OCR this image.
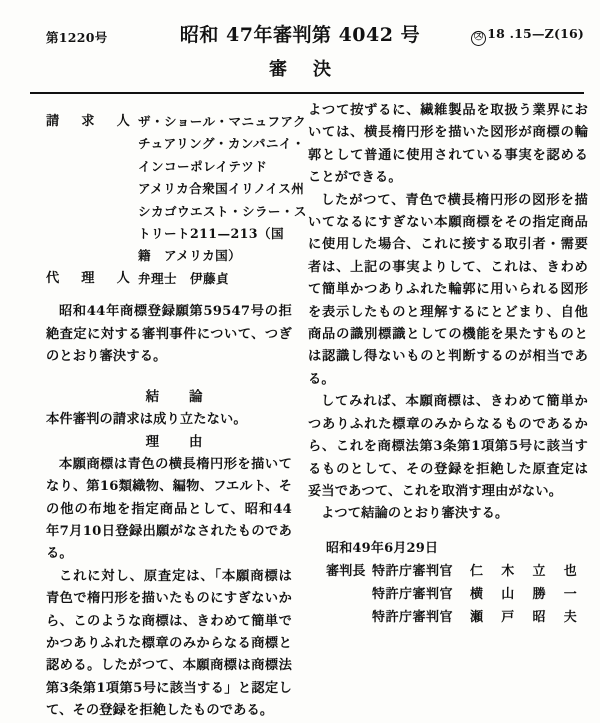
第1220号	昭和 47年審判第 4042 号	㋜ 18 .15—Z(16)
審決
請 求 人 ザ・ショール・マニュフアク
チュアリング・カンパニイ・
インコーポレイテツド
アメリカ合衆国イリノイス州
シカゴウエスト・シラー・ス
トリート211—213（国
籍　アメリカ国）
代 理 人 弁理士　伊藤貞

昭和44年商標登録願第59547号の拒絶査定に対する審判事件について、つぎのとおり審決する。

結論

本件審判の請求は成り立たない。

理由

本願商標は青色の横長楕円形を描いてなり、第16類織物、編物、フエルト、その他の布地を指定商品として、昭和44年7月10日登録出願がなされたものである。

これに対し、原査定は、「本願商標は青色で楕円形を描いたものにすぎないから、このような商標は、きわめて簡単でかつありふれた標章のみからなる商標と認める。したがつて、本願商標は商標法第3条第1項第5号に該当する」と認定して、その登録を拒絶したものである。

よつて按ずるに、繊維製品を取扱う業界においては、横長楕円形を描いた図形が商標の輪郭として普通に使用されている事実を認めることができる。

したがつて、青色で横長楕円形の図形を描いてなるにすぎない本願商標をその指定商品に使用した場合、これに接する取引者・需要者は、上記の事実よりして、これは、きわめて簡単かつありふれた輪郭に用いられる図形を表示したものと理解するにとどまり、自他商品の識別標識としての機能を果たすものとは認識し得ないものと判断するのが相当である。

してみれば、本願商標は、きわめて簡単かつありふれた標章のみからなるものであるから、これを商標法第3条第1項第5号に該当するものとして、その登録を拒絶した原査定は妥当であつて、これを取消す理由がない。

よつて結論のとおり審決する。

昭和49年6月29日

審判長 特許庁審判官 仁 木 立 也
特許庁審判官 横 山 勝 一
特許庁審判官 瀬 戸 昭 夫
